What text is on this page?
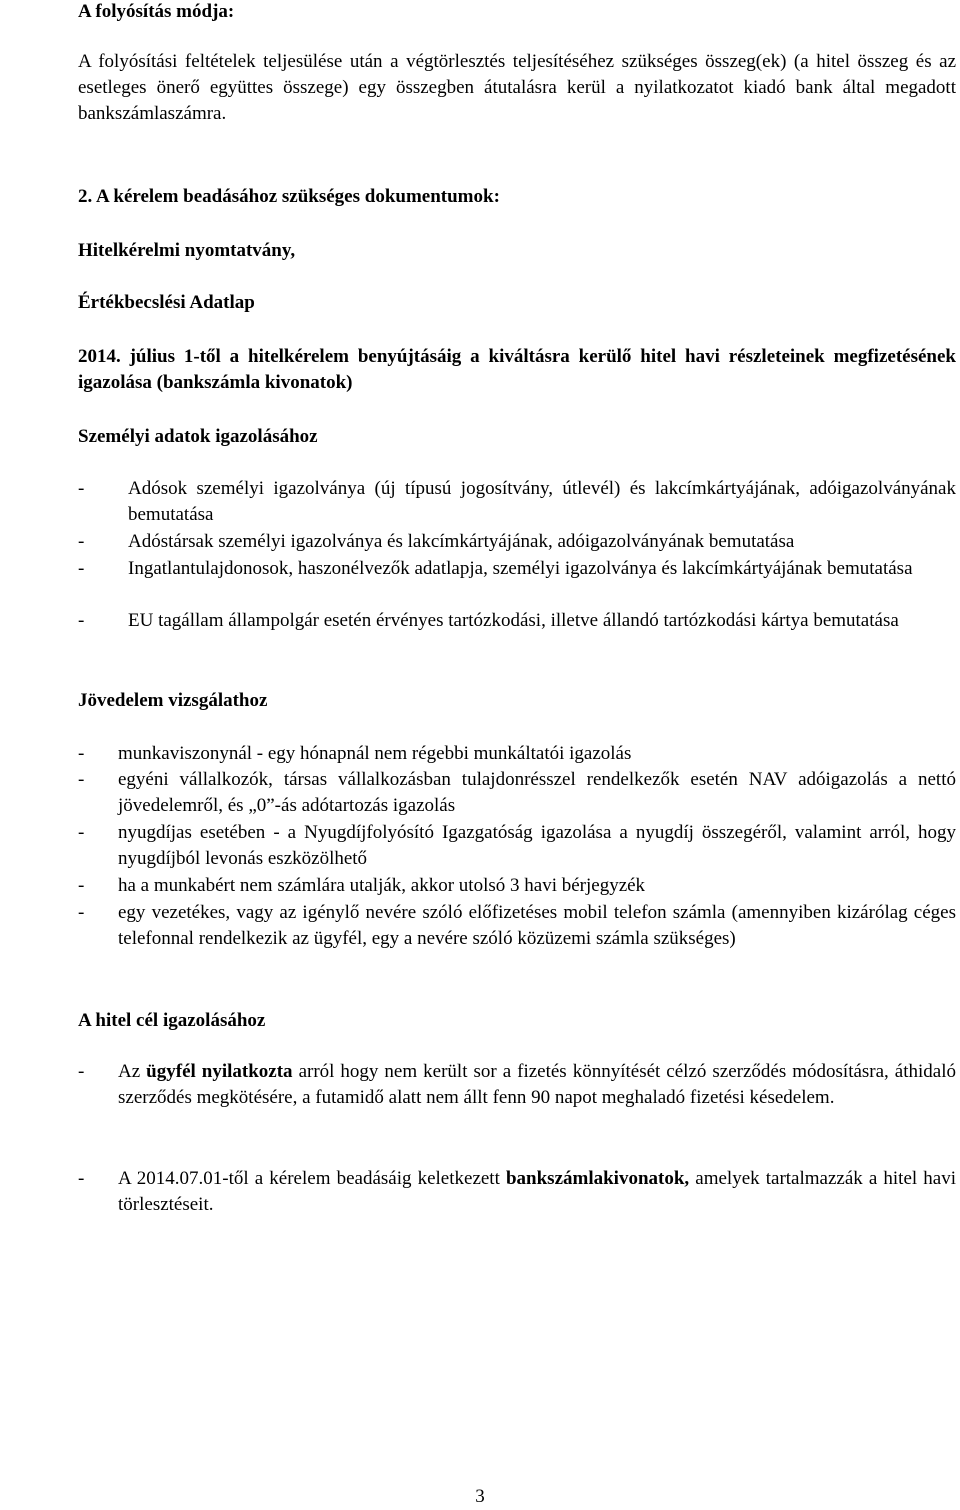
A folyósítás módja:

A folyósítási feltételek teljesülése után a végtörlesztés teljesítéséhez szükséges összeg(ek) (a hitel összeg és az esetleges önerő együttes összege) egy összegben átutalásra kerül a nyilatkozatot kiadó bank által megadott bankszámlaszámra.

2. A kérelem beadásához szükséges dokumentumok:
Hitelkérelmi nyomtatvány,
Értékbecslési Adatlap

2014. július 1-től a hitelkérelem benyújtásáig a kiváltásra kerülő hitel havi részleteinek megfizetésének igazolása (bankszámla kivonatok)

Személyi adatok igazolásához
- Adósok személyi igazolványa (új típusú jogosítvány, útlevél) és lakcímkártyájának, adóigazolványának bemutatása

- Adóstársak személyi igazolványa és lakcímkártyájának, adóigazolványának bemutatása

- Ingatlantulajdonosok, haszonélvezők adatlapja, személyi igazolványa és lakcímkártyájának bemutatása

- EU tagállam állampolgár esetén érvényes tartózkodási, illetve állandó tartózkodási kártya bemutatása

Jövedelem vizsgálathoz
- munkaviszonynál - egy hónapnál nem régebbi munkáltatói igazolás

- egyéni vállalkozók, társas vállalkozásban tulajdonrésszel rendelkezők esetén NAV adóigazolás a nettó jövedelemről, és „0”-ás adótartozás igazolás

- nyugdíjas esetében - a Nyugdíjfolyósító Igazgatóság igazolása a nyugdíj összegéről, valamint arról, hogy nyugdíjból levonás eszközölhető

- ha a munkabért nem számlára utalják, akkor utolsó 3 havi bérjegyzék

- egy vezetékes, vagy az igénylő nevére szóló előfizetéses mobil telefon számla (amennyiben kizárólag céges telefonnal rendelkezik az ügyfél, egy a nevére szóló közüzemi számla szükséges)

A hitel cél igazolásához
- Az ügyfél nyilatkozta arról hogy nem került sor a fizetés könnyítését célzó szerződés módosításra, áthidaló szerződés megkötésére, a futamidő alatt nem állt fenn 90 napot meghaladó fizetési késedelem.

- A 2014.07.01-től a kérelem beadásáig keletkezett bankszámlakivonatok, amelyek tartalmazzák a hitel havi törlesztéseit.

3
